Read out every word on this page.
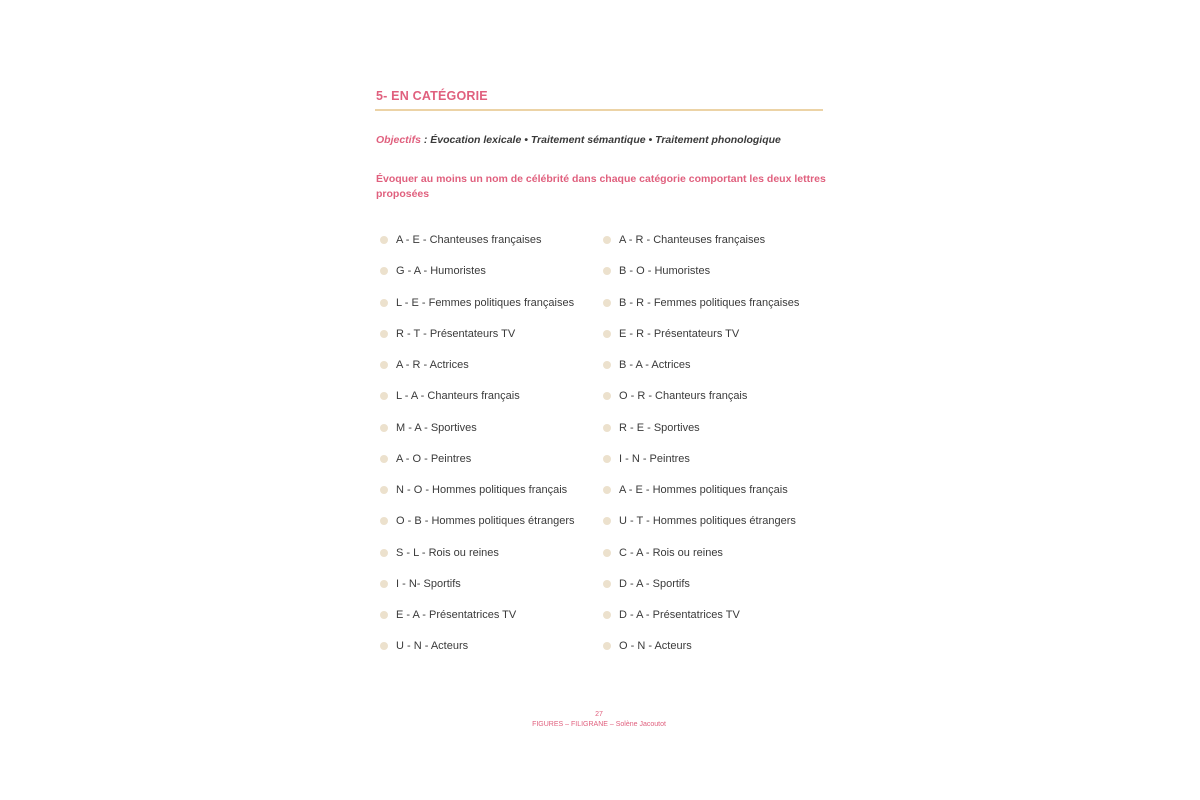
5- EN CATÉGORIE
Objectifs : Évocation lexicale • Traitement sémantique • Traitement phonologique
Évoquer au moins un nom de célébrité dans chaque catégorie comportant les deux lettres proposées
A - E - Chanteuses françaises
G - A - Humoristes
L - E - Femmes politiques françaises
R - T - Présentateurs TV
A - R - Actrices
L - A - Chanteurs français
M - A - Sportives
A - O - Peintres
N - O - Hommes politiques français
O - B - Hommes politiques étrangers
S - L - Rois ou reines
I - N- Sportifs
E - A - Présentatrices TV
U - N - Acteurs
A - R - Chanteuses françaises
B - O - Humoristes
B - R - Femmes politiques françaises
E - R - Présentateurs TV
B - A - Actrices
O - R - Chanteurs français
R - E - Sportives
I - N - Peintres
A - E - Hommes politiques français
U - T - Hommes politiques étrangers
C - A - Rois ou reines
D - A - Sportifs
D - A - Présentatrices TV
O - N - Acteurs
27
FIGURES – FILIGRANE – Solène Jacoutot
